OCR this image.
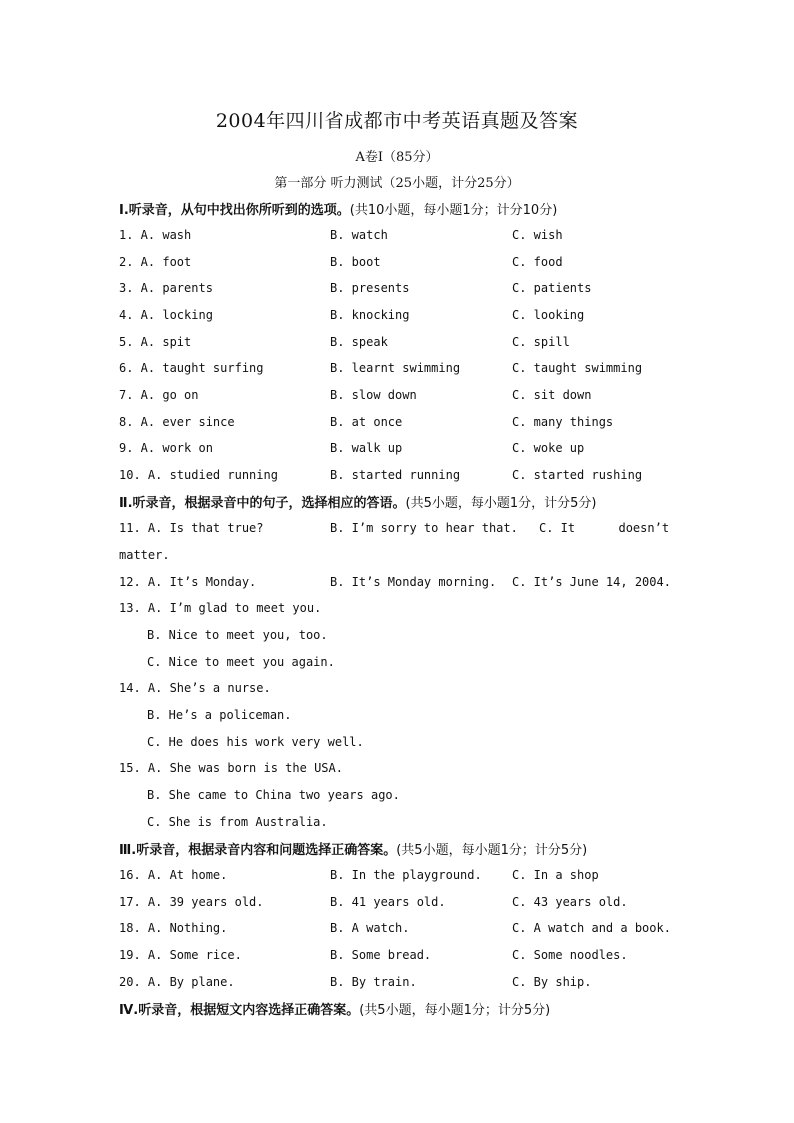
2004年四川省成都市中考英语真题及答案
A卷Ⅰ（85分）
第一部分 听力测试（25小题，计分25分）
Ⅰ.听录音，从句中找出你所听到的选项。(共10小题，每小题1分；计分10分)
1. A. wash	B. watch	C. wish
2. A. foot	B. boot	C. food
3. A. parents	B. presents	C. patients
4. A. locking	B. knocking	C. looking
5. A. spit	B. speak	C. spill
6. A. taught surfing	B. learnt swimming	C. taught swimming
7. A. go on	B. slow down	C. sit down
8. A. ever since	B. at once	C. many things
9. A. work on	B. walk up	C. woke up
10. A. studied running	B. started running	C. started rushing
Ⅱ.听录音，根据录音中的句子，选择相应的答语。(共5小题，每小题1分，计分5分)
11. A. Is that true?	B. I’m sorry to hear that. C. It      doesn’t
matter.
12. A. It’s Monday.	B. It’s Monday morning. C. It’s June 14, 2004.
13. A. I’m glad to meet you.
B. Nice to meet you, too.
C. Nice to meet you again.
14. A. She’s a nurse.
B. He’s a policeman.
C. He does his work very well.
15. A. She was born is the USA.
B. She came to China two years ago.
C. She is from Australia.
Ⅲ.听录音，根据录音内容和问题选择正确答案。(共5小题，每小题1分；计分5分)
16. A. At home.	B. In the playground.	C. In a shop
17. A. 39 years old.	B. 41 years old.	C. 43 years old.
18. A. Nothing.	B. A watch.	C. A watch and a book.
19. A. Some rice.	B. Some bread.	C. Some noodles.
20. A. By plane.	B. By train.	C. By ship.
Ⅳ.听录音，根据短文内容选择正确答案。(共5小题，每小题1分；计分5分)
